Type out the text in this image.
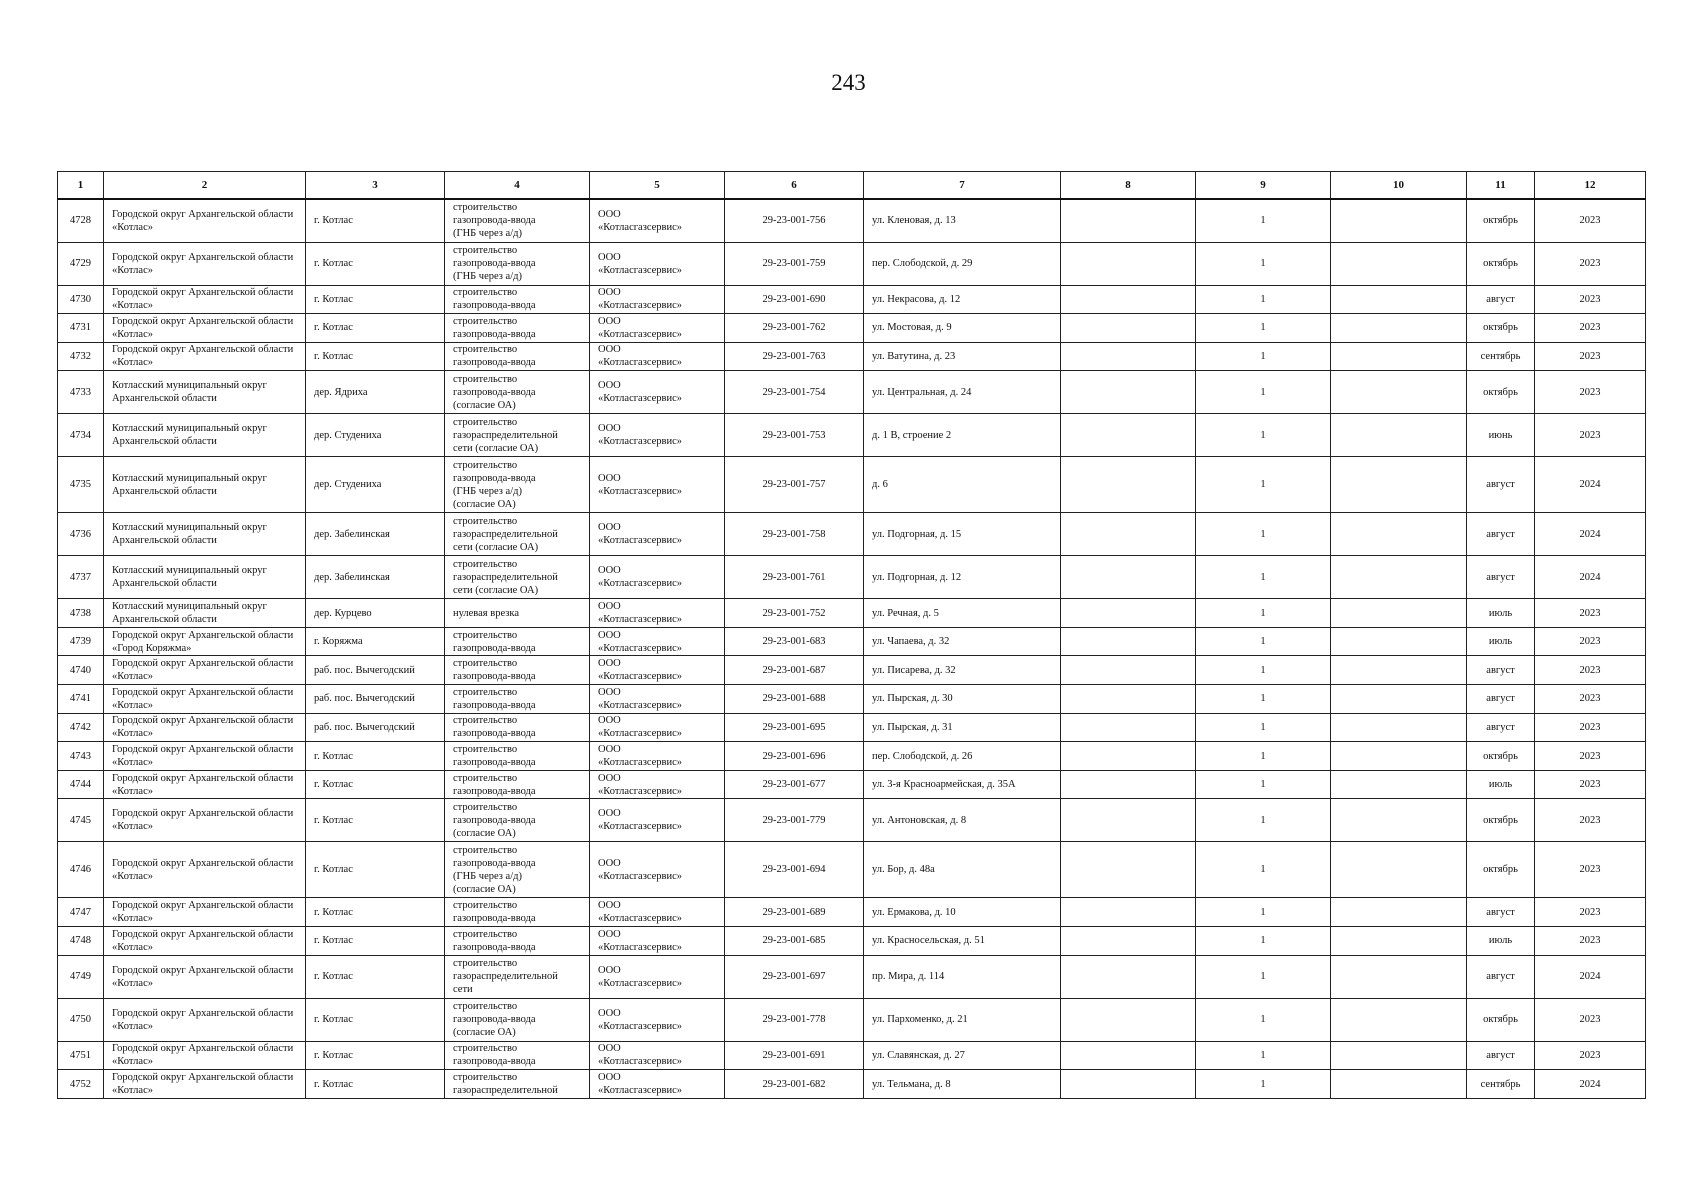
243
1	2	3	4	5	6	7	8	9	10	11	12
4728	Городской округ Архангельской области «Котлас»	г. Котлас	строительство
газопровода-ввода
(ГНБ через а/д)	ООО
«Котласгазсервис»	29-23-001-756	ул. Кленовая, д. 13		1		октябрь	2023
4729	Городской округ Архангельской области «Котлас»	г. Котлас	строительство
газопровода-ввода
(ГНБ через а/д)	ООО
«Котласгазсервис»	29-23-001-759	пер. Слободской, д. 29		1		октябрь	2023
4730	Городской округ Архангельской области «Котлас»	г. Котлас	строительство
газопровода-ввода	ООО
«Котласгазсервис»	29-23-001-690	ул. Некрасова, д. 12		1		август	2023
4731	Городской округ Архангельской области «Котлас»	г. Котлас	строительство
газопровода-ввода	ООО
«Котласгазсервис»	29-23-001-762	ул. Мостовая, д. 9		1		октябрь	2023
4732	Городской округ Архангельской области «Котлас»	г. Котлас	строительство
газопровода-ввода	ООО
«Котласгазсервис»	29-23-001-763	ул. Ватутина, д. 23		1		сентябрь	2023
4733	Котласский муниципальный округ Архангельской области	дер. Ядриха	строительство
газопровода-ввода
(согласие ОА)	ООО
«Котласгазсервис»	29-23-001-754	ул. Центральная, д. 24		1		октябрь	2023
4734	Котласский муниципальный округ Архангельской области	дер. Студениха	строительство
газораспределительной
сети (согласие ОА)	ООО
«Котласгазсервис»	29-23-001-753	д. 1 В, строение 2		1		июнь	2023
4735	Котласский муниципальный округ Архангельской области	дер. Студениха	строительство
газопровода-ввода
(ГНБ через а/д)
(согласие ОА)	ООО
«Котласгазсервис»	29-23-001-757	д. 6		1		август	2024
4736	Котласский муниципальный округ Архангельской области	дер. Забелинская	строительство
газораспределительной
сети (согласие ОА)	ООО
«Котласгазсервис»	29-23-001-758	ул. Подгорная, д. 15		1		август	2024
4737	Котласский муниципальный округ Архангельской области	дер. Забелинская	строительство
газораспределительной
сети (согласие ОА)	ООО
«Котласгазсервис»	29-23-001-761	ул. Подгорная, д. 12		1		август	2024
4738	Котласский муниципальный округ Архангельской области	дер. Курцево	нулевая врезка	ООО
«Котласгазсервис»	29-23-001-752	ул. Речная, д. 5		1		июль	2023
4739	Городской округ Архангельской области «Город Коряжма»	г. Коряжма	строительство
газопровода-ввода	ООО
«Котласгазсервис»	29-23-001-683	ул. Чапаева, д. 32		1		июль	2023
4740	Городской округ Архангельской области «Котлас»	раб. пос. Вычегодский	строительство
газопровода-ввода	ООО
«Котласгазсервис»	29-23-001-687	ул. Писарева, д. 32		1		август	2023
4741	Городской округ Архангельской области «Котлас»	раб. пос. Вычегодский	строительство
газопровода-ввода	ООО
«Котласгазсервис»	29-23-001-688	ул. Пырская, д. 30		1		август	2023
4742	Городской округ Архангельской области «Котлас»	раб. пос. Вычегодский	строительство
газопровода-ввода	ООО
«Котласгазсервис»	29-23-001-695	ул. Пырская, д. 31		1		август	2023
4743	Городской округ Архангельской области «Котлас»	г. Котлас	строительство
газопровода-ввода	ООО
«Котласгазсервис»	29-23-001-696	пер. Слободской, д. 26		1		октябрь	2023
4744	Городской округ Архангельской области «Котлас»	г. Котлас	строительство
газопровода-ввода	ООО
«Котласгазсервис»	29-23-001-677	ул. 3-я Красноармейская, д. 35А		1		июль	2023
4745	Городской округ Архангельской области «Котлас»	г. Котлас	строительство
газопровода-ввода
(согласие ОА)	ООО
«Котласгазсервис»	29-23-001-779	ул. Антоновская, д. 8		1		октябрь	2023
4746	Городской округ Архангельской области «Котлас»	г. Котлас	строительство
газопровода-ввода
(ГНБ через а/д)
(согласие ОА)	ООО
«Котласгазсервис»	29-23-001-694	ул. Бор, д. 48а		1		октябрь	2023
4747	Городской округ Архангельской области «Котлас»	г. Котлас	строительство
газопровода-ввода	ООО
«Котласгазсервис»	29-23-001-689	ул. Ермакова, д. 10		1		август	2023
4748	Городской округ Архангельской области «Котлас»	г. Котлас	строительство
газопровода-ввода	ООО
«Котласгазсервис»	29-23-001-685	ул. Красносельская, д. 51		1		июль	2023
4749	Городской округ Архангельской области «Котлас»	г. Котлас	строительство
газораспределительной
сети	ООО
«Котласгазсервис»	29-23-001-697	пр. Мира, д. 114		1		август	2024
4750	Городской округ Архангельской области «Котлас»	г. Котлас	строительство
газопровода-ввода
(согласие ОА)	ООО
«Котласгазсервис»	29-23-001-778	ул. Пархоменко, д. 21		1		октябрь	2023
4751	Городской округ Архангельской области «Котлас»	г. Котлас	строительство
газопровода-ввода	ООО
«Котласгазсервис»	29-23-001-691	ул. Славянская, д. 27		1		август	2023
4752	Городской округ Архангельской области «Котлас»	г. Котлас	строительство
газораспределительной	ООО
«Котласгазсервис»	29-23-001-682	ул. Тельмана, д. 8		1		сентябрь	2024
